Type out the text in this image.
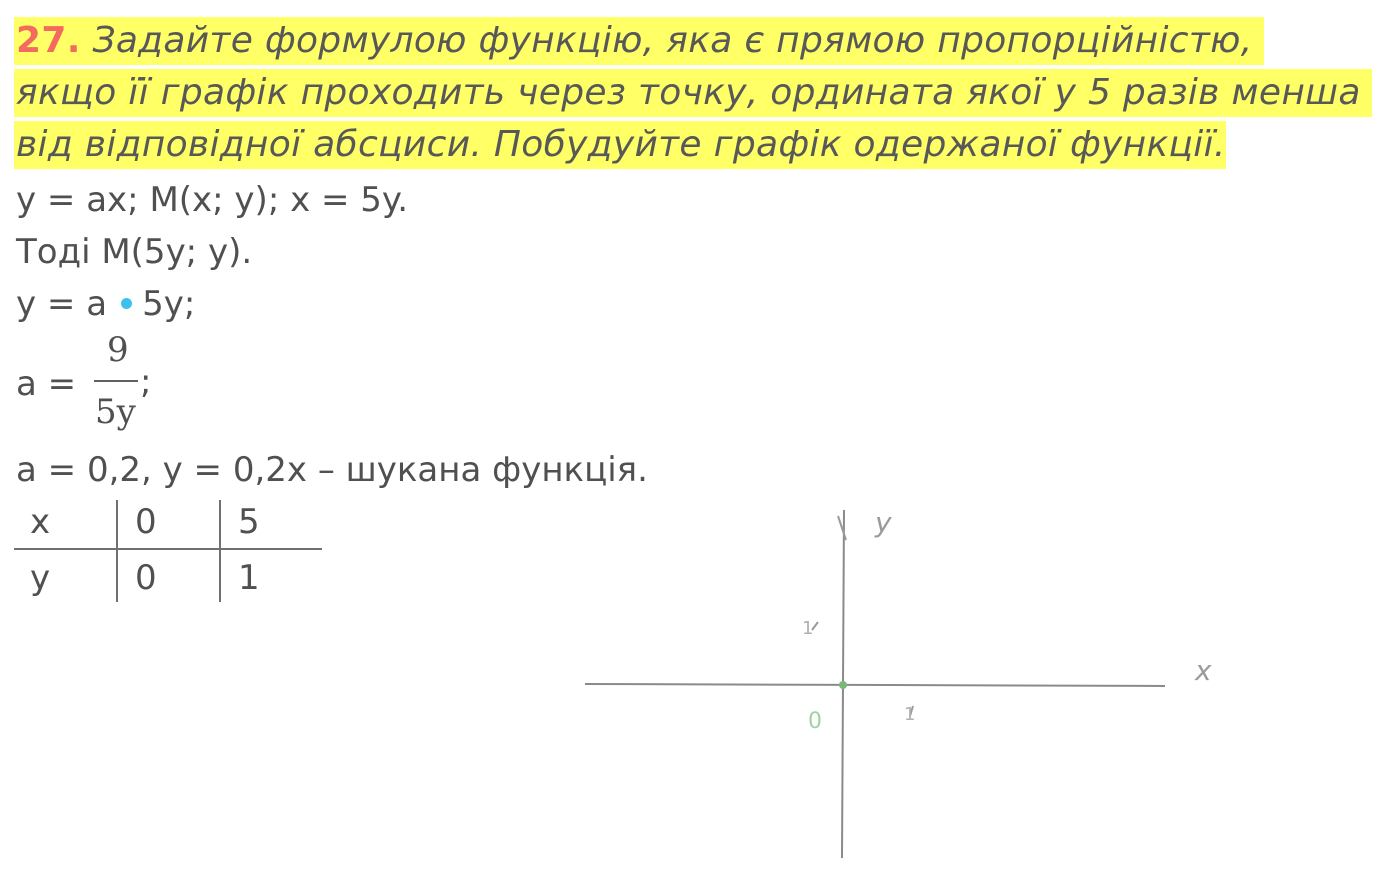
27. Задайте формулою функцію, яка є прямою пропорційністю,
якщо її графік проходить через точку, ордината якої у 5 разів менша
від відповідної абсциси. Побудуйте графік одержаної функції.
y = ax; M(x; y); x = 5y.
Тоді M(5y; y).
y = a 5y;
a =
9
5y
;
a = 0,2, y = 0,2x – шукана функція.
x 0 5
y 0 1
y
x
0
1
1
